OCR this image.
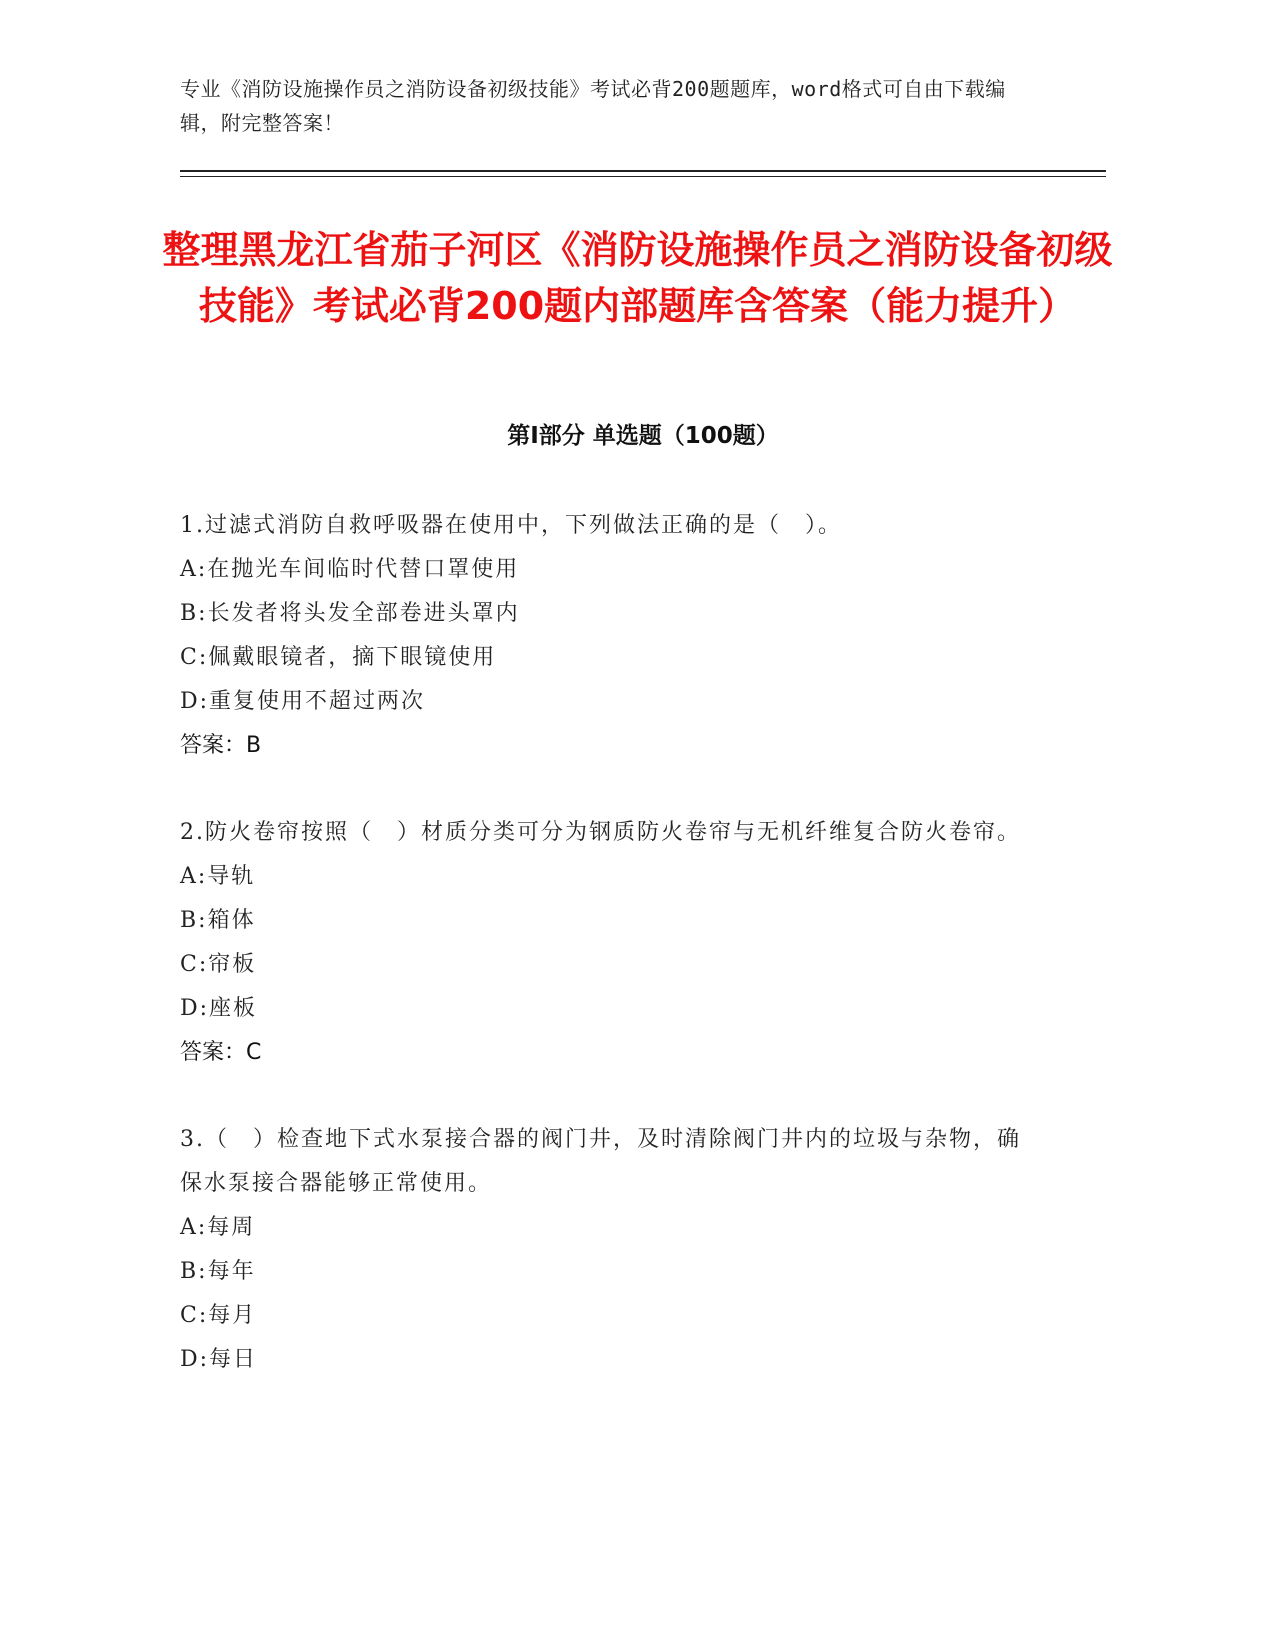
专业《消防设施操作员之消防设备初级技能》考试必背200题题库，word格式可自由下载编辑，附完整答案！
整理黑龙江省茄子河区《消防设施操作员之消防设备初级技能》考试必背200题内部题库含答案（能力提升）
第Ⅰ部分 单选题（100题）
1.过滤式消防自救呼吸器在使用中，下列做法正确的是（　）。
A:在抛光车间临时代替口罩使用
B:长发者将头发全部卷进头罩内
C:佩戴眼镜者，摘下眼镜使用
D:重复使用不超过两次
答案：B
2.防火卷帘按照（　）材质分类可分为钢质防火卷帘与无机纤维复合防火卷帘。
A:导轨
B:箱体
C:帘板
D:座板
答案：C
3.（　）检查地下式水泵接合器的阀门井，及时清除阀门井内的垃圾与杂物，确保水泵接合器能够正常使用。
A:每周
B:每年
C:每月
D:每日
